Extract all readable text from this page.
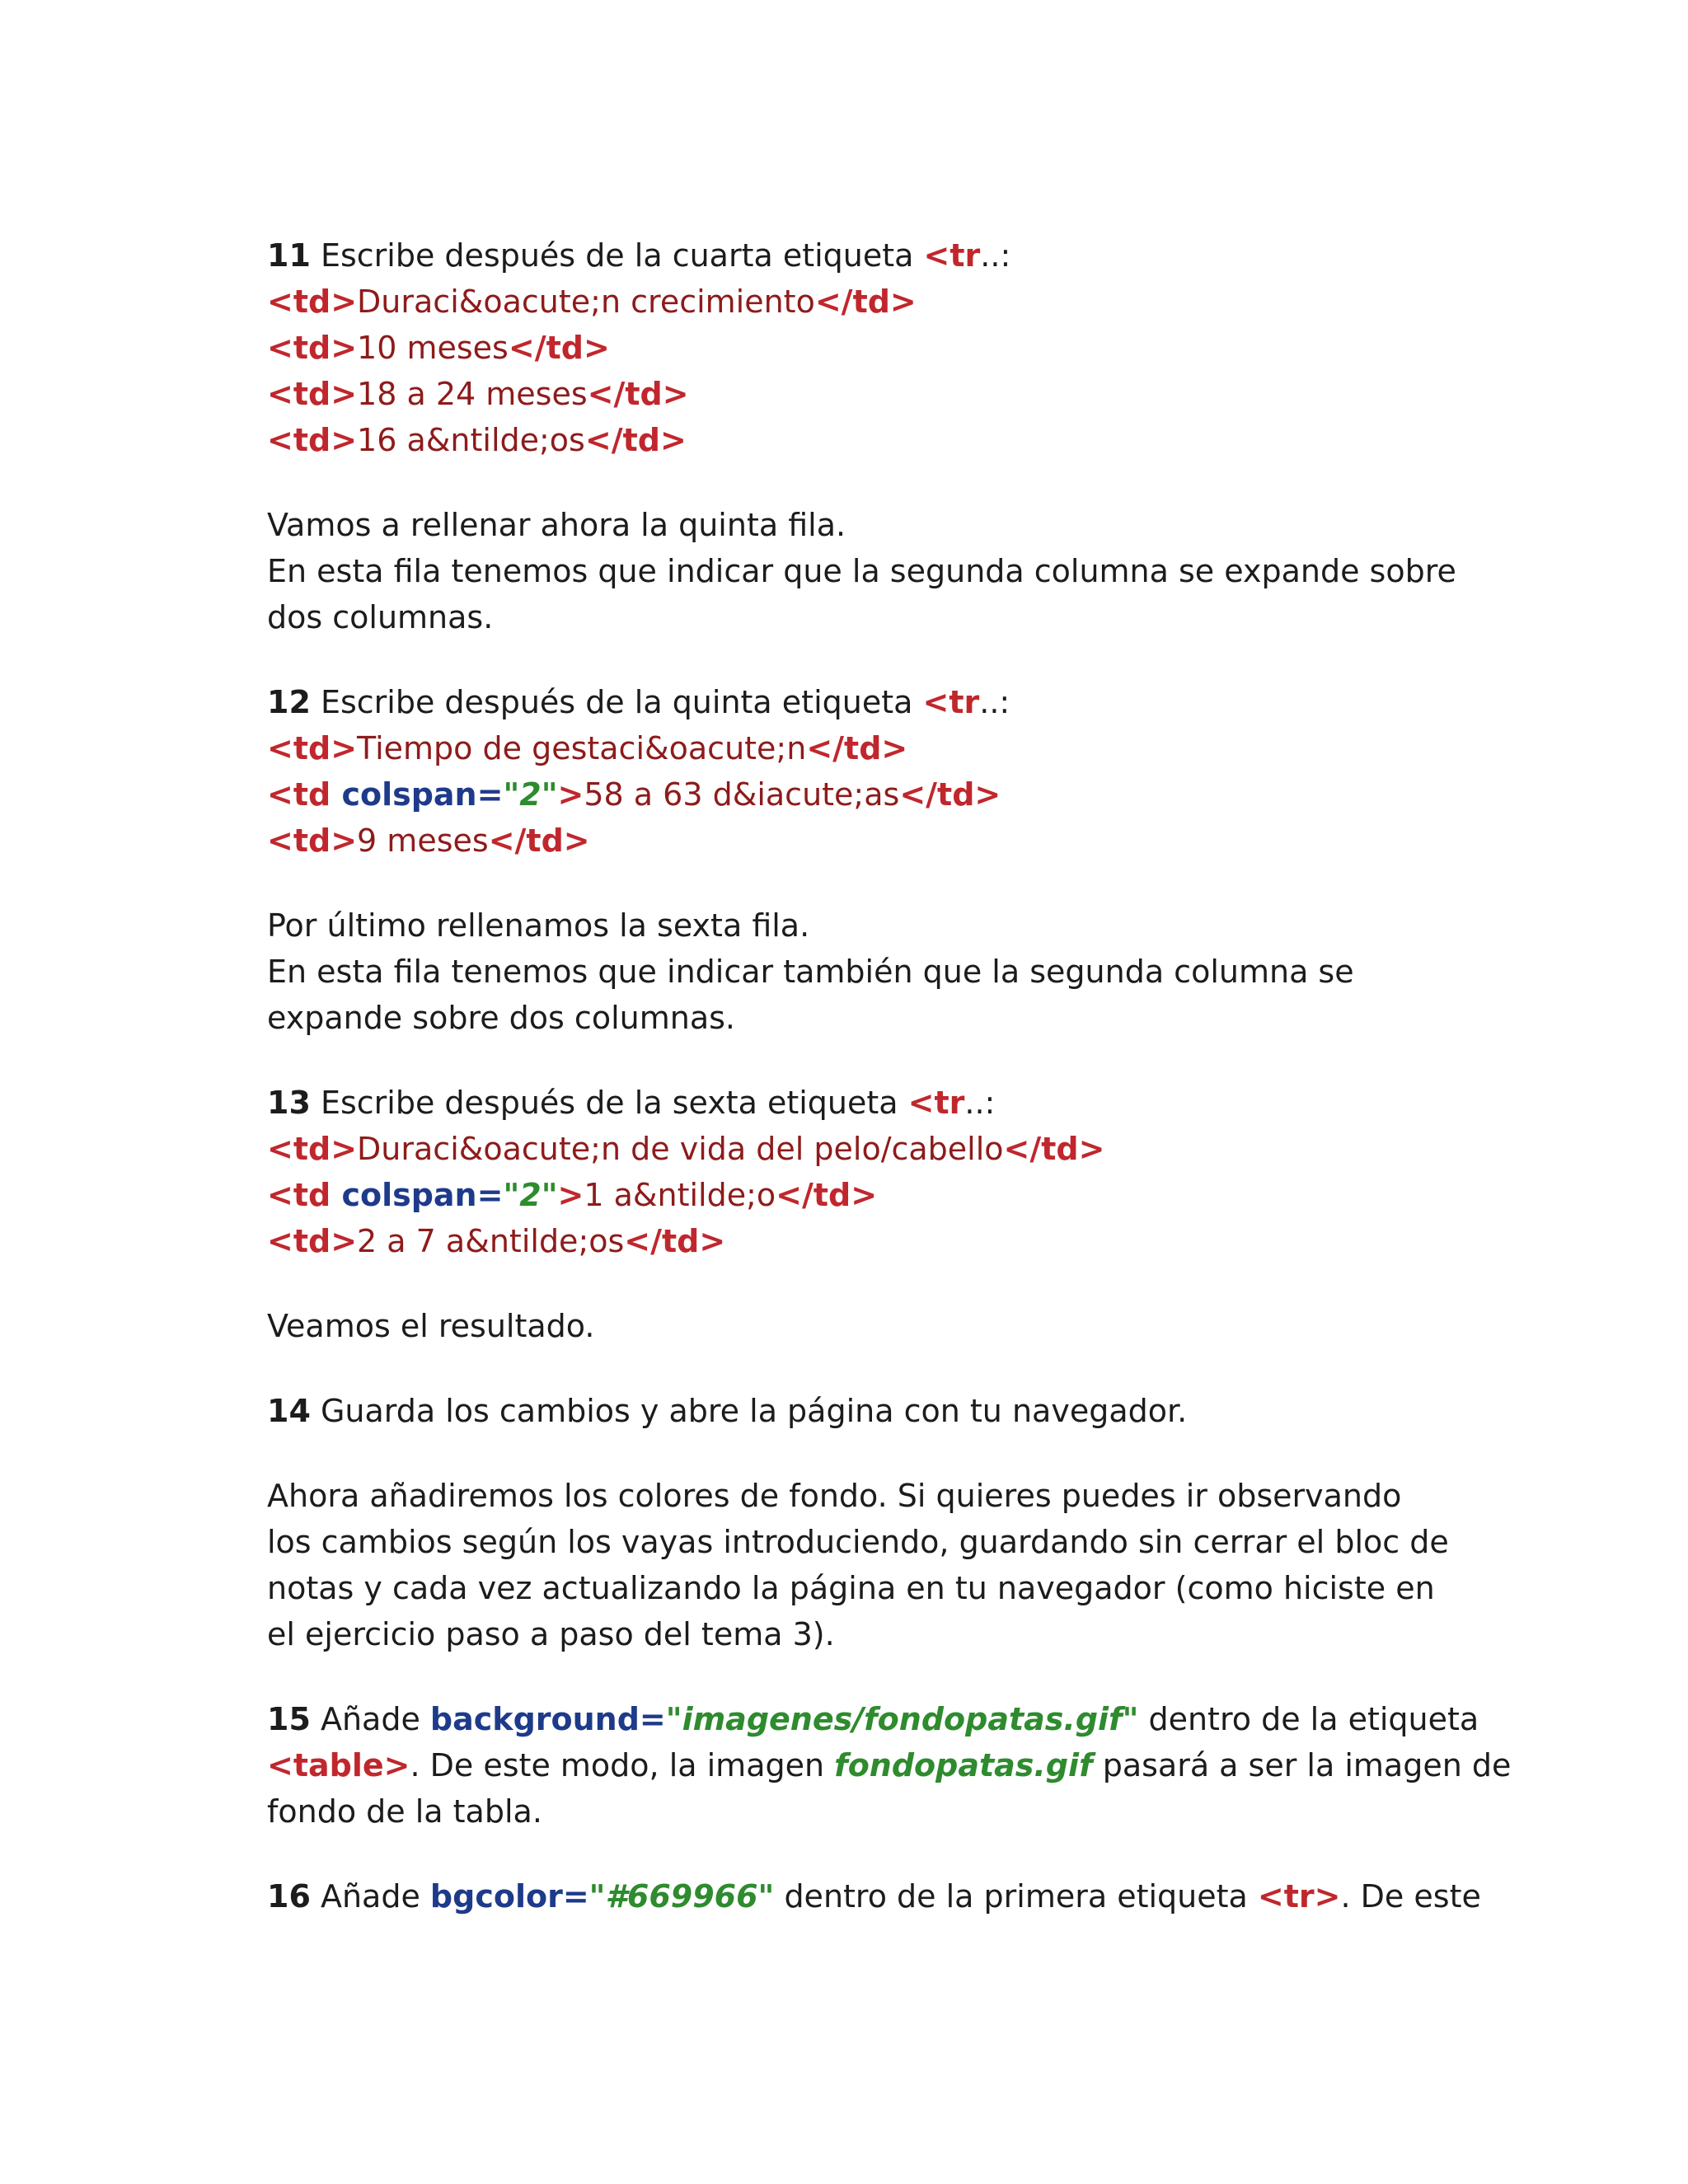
11 Escribe después de la cuarta etiqueta <tr..:
<td>Duraci&oacute;n crecimiento</td>
<td>10 meses</td>
<td>18 a 24 meses</td>
<td>16 a&ntilde;os</td>
Vamos a rellenar ahora la quinta fila.
En esta fila tenemos que indicar que la segunda columna se expande sobre
dos columnas.
12 Escribe después de la quinta etiqueta <tr..:
<td>Tiempo de gestaci&oacute;n</td>
<td colspan="2">58 a 63 d&iacute;as</td>
<td>9 meses</td>
Por último rellenamos la sexta fila.
En esta fila tenemos que indicar también que la segunda columna se
expande sobre dos columnas.
13 Escribe después de la sexta etiqueta <tr..:
<td>Duraci&oacute;n de vida del pelo/cabello</td>
<td colspan="2">1 a&ntilde;o</td>
<td>2 a 7 a&ntilde;os</td>
Veamos el resultado.
14 Guarda los cambios y abre la página con tu navegador.
Ahora añadiremos los colores de fondo. Si quieres puedes ir observando
los cambios según los vayas introduciendo, guardando sin cerrar el bloc de
notas y cada vez actualizando la página en tu navegador (como hiciste en
el ejercicio paso a paso del tema 3).
15 Añade background="imagenes/fondopatas.gif" dentro de la etiqueta
<table>. De este modo, la imagen fondopatas.gif pasará a ser la imagen de
fondo de la tabla.
16 Añade bgcolor="#669966" dentro de la primera etiqueta <tr>. De este
